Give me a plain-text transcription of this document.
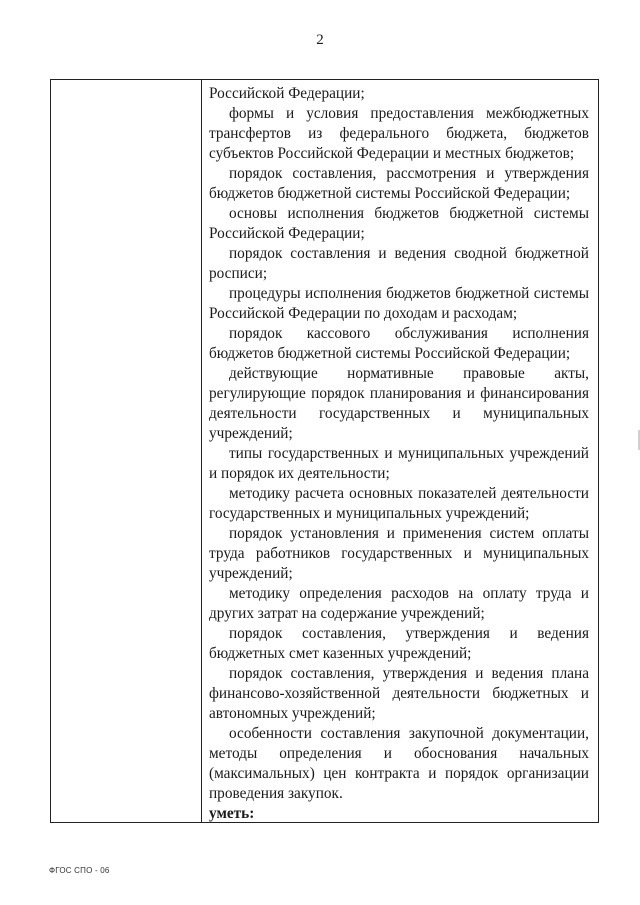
2

Российской Федерации;

формы и условия предоставления межбюджетных трансфертов из федерального бюджета, бюджетов субъектов Российской Федерации и местных бюджетов;

порядок составления, рассмотрения и утверждения бюджетов бюджетной системы Российской Федерации;

основы исполнения бюджетов бюджетной системы Российской Федерации;

порядок составления и ведения сводной бюджетной росписи;

процедуры исполнения бюджетов бюджетной системы Российской Федерации по доходам и расходам;

порядок кассового обслуживания исполнения бюджетов бюджетной системы Российской Федерации;

действующие нормативные правовые акты, регулирующие порядок планирования и финансирования деятельности государственных и муниципальных учреждений;

типы государственных и муниципальных учреждений и порядок их деятельности;

методику расчета основных показателей деятельности государственных и муниципальных учреждений;

порядок установления и применения систем оплаты труда работников государственных и муниципальных учреждений;

методику определения расходов на оплату труда и других затрат на содержание учреждений;

порядок составления, утверждения и ведения бюджетных смет казенных учреждений;

порядок составления, утверждения и ведения плана финансово-хозяйственной деятельности бюджетных и автономных учреждений;

особенности составления закупочной документации, методы определения и обоснования начальных (максимальных) цен контракта и порядок организации проведения закупок.

уметь:

ФГОС СПО - 06
